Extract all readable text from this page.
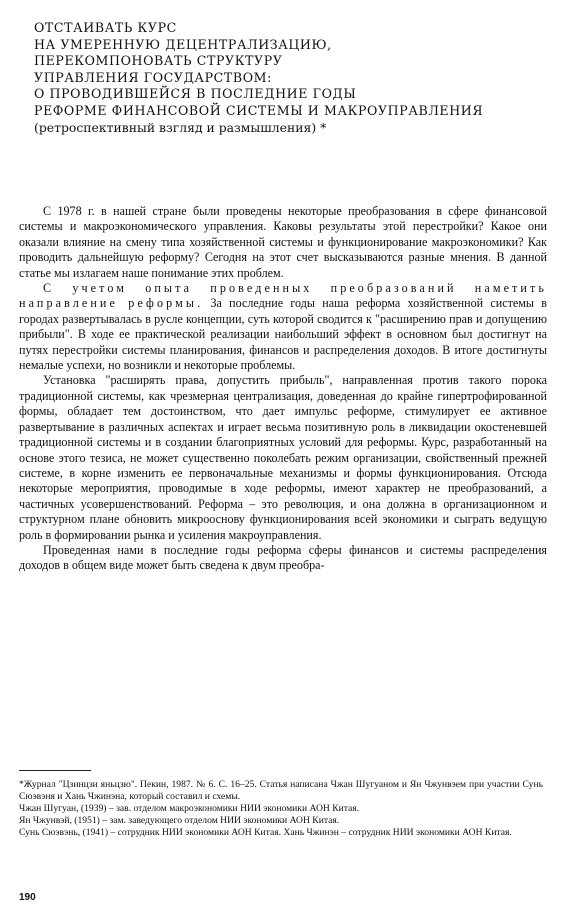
ОТСТАИВАТЬ КУРС
НА УМЕРЕННУЮ ДЕЦЕНТРАЛИЗАЦИЮ,
ПЕРЕКОМПОНОВАТЬ СТРУКТУРУ
УПРАВЛЕНИЯ ГОСУДАРСТВОМ:
О ПРОВОДИВШЕЙСЯ В ПОСЛЕДНИЕ ГОДЫ
РЕФОРМЕ ФИНАНСОВОЙ СИСТЕМЫ И МАКРОУПРАВЛЕНИЯ
(ретроспективный взгляд и размышления) *

С 1978 г. в нашей стране были проведены некоторые преобразования в сфере финансовой системы и макроэкономического управления. Каковы результаты этой перестройки? Какое они оказали влияние на смену типа хозяйственной системы и функционирование макроэкономики? Как проводить дальнейшую реформу? Сегодня на этот счет высказываются разные мнения. В данной статье мы излагаем наше понимание этих проблем.

С учетом опыта проведенных преобразований наметить направление реформы. За последние годы наша реформа хозяйственной системы в городах развертывалась в русле концепции, суть которой сводится к "расширению прав и допущению прибыли". В ходе ее практической реализации наибольший эффект в основном был достигнут на путях перестройки системы планирования, финансов и распределения доходов. В итоге достигнуты немалые успехи, но возникли и некоторые проблемы.

Установка "расширять права, допустить прибыль", направленная против такого порока традиционной системы, как чрезмерная централизация, доведенная до крайне гипертрофированной формы, обладает тем достоинством, что дает импульс реформе, стимулирует ее активное развертывание в различных аспектах и играет весьма позитивную роль в ликвидации окостеневшей традиционной системы и в создании благоприятных условий для реформы. Курс, разработанный на основе этого тезиса, не может существенно поколебать режим организации, свойственный прежней системе, в корне изменить ее первоначальные механизмы и формы функционирования. Отсюда некоторые мероприятия, проводимые в ходе реформы, имеют характер не преобразований, а частичных усовершенствований. Реформа – это революция, и она должна в организационном и структурном плане обновить микрооснову функционирования всей экономики и сыграть ведущую роль в формировании рынка и усиления макроуправления.

Проведенная нами в последние годы реформа сферы финансов и системы распределения доходов в общем виде может быть сведена к двум преобра-

*Журнал "Цзинцзи яньцзю". Пекин, 1987. № 6. С. 16–25. Статья написана Чжан Шугуаном и Ян Чжунвэем при участии Сунь Сюэвэня и Хань Чжинэна, который составил и схемы.

Чжан Шугуан, (1939) – зав. отделом макроэкономики НИИ экономики АОН Китая.

Ян Чжунвэй, (1951) – зам. заведующего отделом НИИ экономики АОН Китая.

Сунь Сюэвэнь, (1941) – сотрудник НИИ экономики АОН Китая. Хань Чжинэн – сотрудник НИИ экономики АОН Китая.

190
